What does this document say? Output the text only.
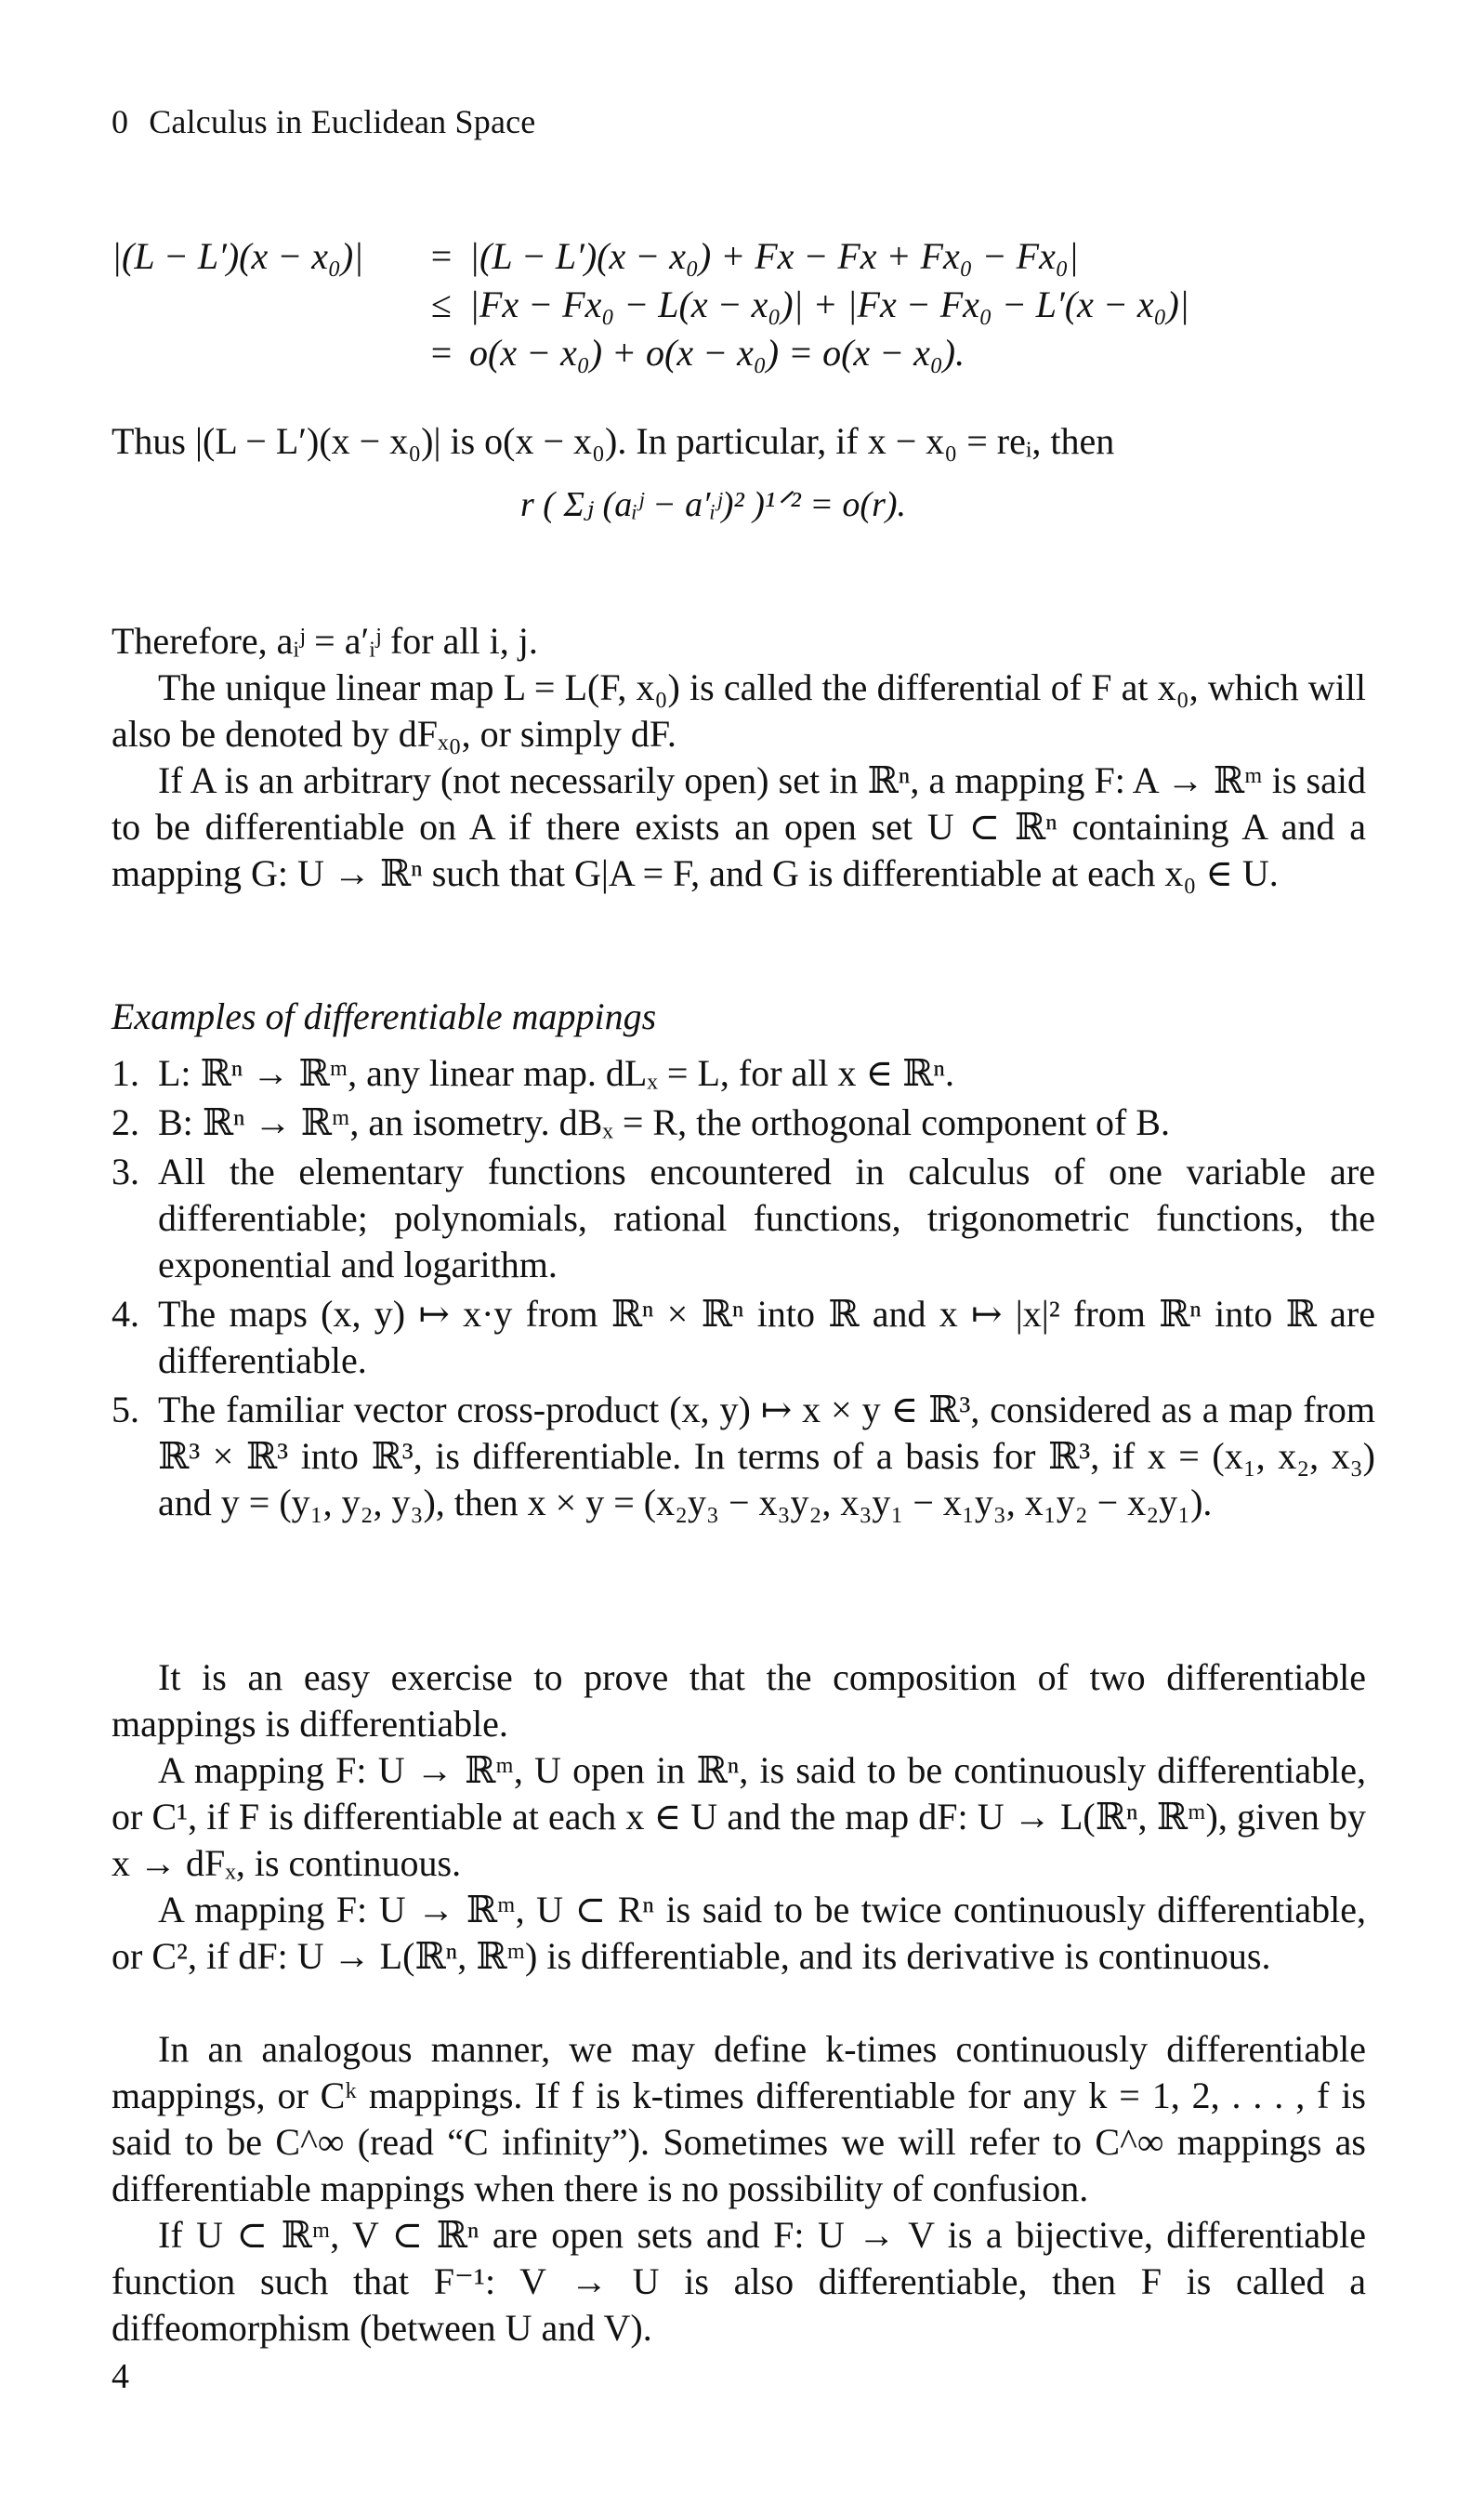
0 Calculus in Euclidean Space
|(L − L′)(x − x₀)|	= |(L − L′)(x − x₀) + Fx − Fx + Fx₀ − Fx₀|
≤ |Fx − Fx₀ − L(x − x₀)| + |Fx − Fx₀ − L′(x − x₀)|
= o(x − x₀) + o(x − x₀) = o(x − x₀).

Thus |(L − L′)(x − x₀)| is o(x − x₀). In particular, if x − x₀ = reᵢ, then

r ( Σⱼ (aᵢʲ − a′ᵢʲ)² )¹ᐟ² = o(r).

Therefore, aᵢʲ = a′ᵢʲ for all i, j.

The unique linear map L = L(F, x₀) is called the differential of F at x₀, which will also be denoted by dFₓ₀, or simply dF.

If A is an arbitrary (not necessarily open) set in ℝⁿ, a mapping F: A → ℝᵐ is said to be differentiable on A if there exists an open set U ⊂ ℝⁿ containing A and a mapping G: U → ℝⁿ such that G|A = F, and G is differentiable at each x₀ ∈ U.

Examples of differentiable mappings
1. L: ℝⁿ → ℝᵐ, any linear map. dLₓ = L, for all x ∈ ℝⁿ.
2. B: ℝⁿ → ℝᵐ, an isometry. dBₓ = R, the orthogonal component of B.
3. All the elementary functions encountered in calculus of one variable are differentiable; polynomials, rational functions, trigonometric functions, the exponential and logarithm.
4. The maps (x, y) ↦ x·y from ℝⁿ × ℝⁿ into ℝ and x ↦ |x|² from ℝⁿ into ℝ are differentiable.
5. The familiar vector cross-product (x, y) ↦ x × y ∈ ℝ³, considered as a map from ℝ³ × ℝ³ into ℝ³, is differentiable. In terms of a basis for ℝ³, if x = (x₁, x₂, x₃) and y = (y₁, y₂, y₃), then x × y = (x₂y₃ − x₃y₂, x₃y₁ − x₁y₃, x₁y₂ − x₂y₁).

It is an easy exercise to prove that the composition of two differentiable mappings is differentiable.

A mapping F: U → ℝᵐ, U open in ℝⁿ, is said to be continuously differentiable, or C¹, if F is differentiable at each x ∈ U and the map dF: U → L(ℝⁿ, ℝᵐ), given by x → dFₓ, is continuous.

A mapping F: U → ℝᵐ, U ⊂ Rⁿ is said to be twice continuously differentiable, or C², if dF: U → L(ℝⁿ, ℝᵐ) is differentiable, and its derivative is continuous.

In an analogous manner, we may define k-times continuously differentiable mappings, or Cᵏ mappings. If f is k-times differentiable for any k = 1, 2, . . . , f is said to be C^∞ (read “C infinity”). Sometimes we will refer to C^∞ mappings as differentiable mappings when there is no possibility of confusion.

If U ⊂ ℝᵐ, V ⊂ ℝⁿ are open sets and F: U → V is a bijective, differentiable function such that F⁻¹: V → U is also differentiable, then F is called a diffeomorphism (between U and V).

4
